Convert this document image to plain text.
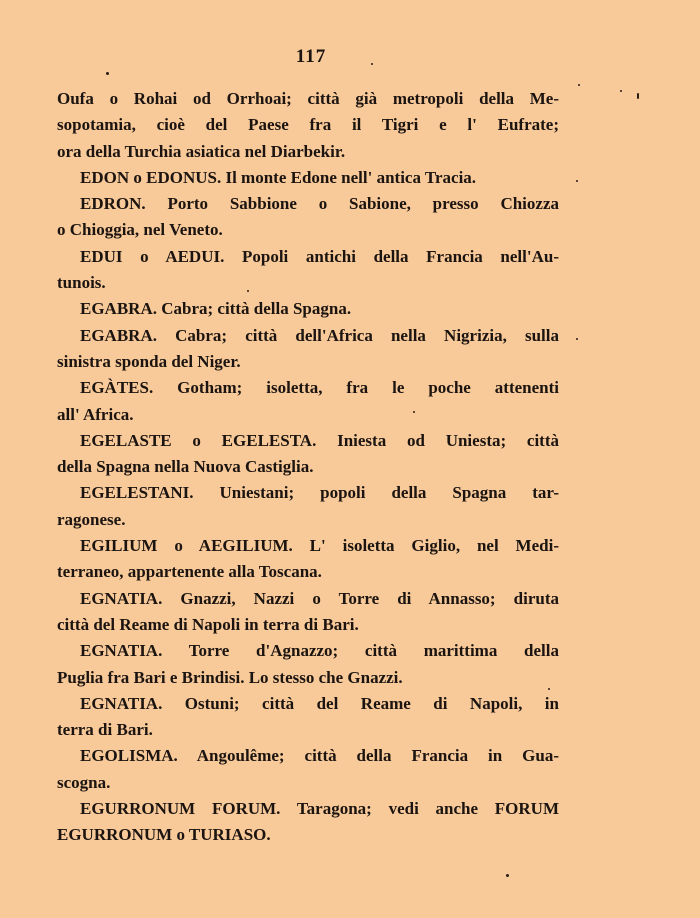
117
Oufa o Rohai od Orrhoai; città già metropoli della Me-
sopotamia, cioè del Paese fra il Tigri e l' Eufrate;
ora della Turchia asiatica nel Diarbekir.
EDON o EDONUS. Il monte Edone nell' antica Tracia.
EDRON. Porto Sabbione o Sabione, presso Chiozza
o Chioggia, nel Veneto.
EDUI o AEDUI. Popoli antichi della Francia nell'Au-
tunois.
EGABRA. Cabra; città della Spagna.
EGABRA. Cabra; città dell'Africa nella Nigrizia, sulla
sinistra sponda del Niger.
EGÀTES. Gotham; isoletta, fra le poche attenenti
all' Africa.
EGELASTE o EGELESTA. Iniesta od Uniesta; città
della Spagna nella Nuova Castiglia.
EGELESTANI. Uniestani; popoli della Spagna tar-
ragonese.
EGILIUM o AEGILIUM. L' isoletta Giglio, nel Medi-
terraneo, appartenente alla Toscana.
EGNATIA. Gnazzi, Nazzi o Torre di Annasso; diruta
città del Reame di Napoli in terra di Bari.
EGNATIA. Torre d'Agnazzo; città marittima della
Puglia fra Bari e Brindisi. Lo stesso che Gnazzi.
EGNATIA. Ostuni; città del Reame di Napoli, in
terra di Bari.
EGOLISMA. Angoulême; città della Francia in Gua-
scogna.
EGURRONUM FORUM. Taragona; vedi anche FORUM
EGURRONUM o TURIASO.
